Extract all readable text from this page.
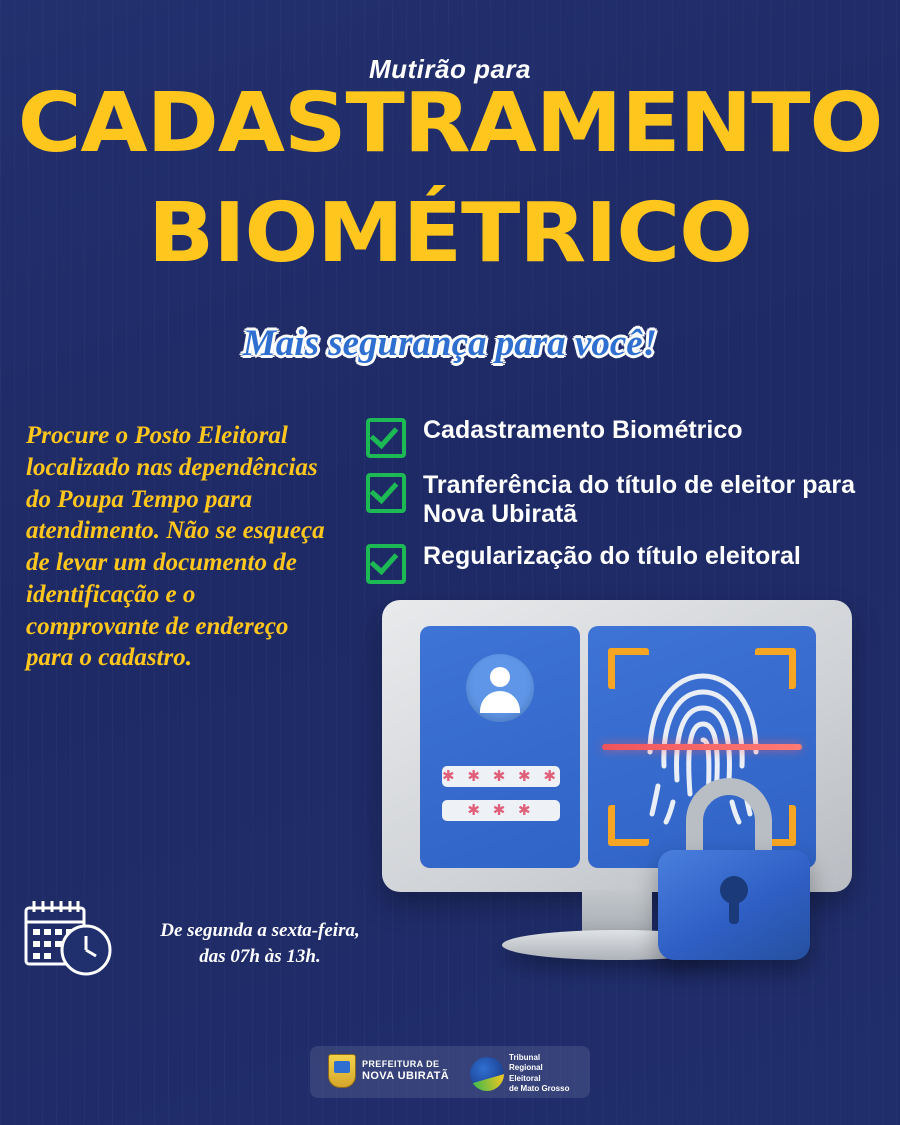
Mutirão para
CADASTRAMENTO
BIOMÉTRICO
Mais segurança para você!
Procure o Posto Eleitoral localizado nas dependências do Poupa Tempo para atendimento. Não se esqueça de levar um documento de identificação e o comprovante de endereço para o cadastro.
Cadastramento Biométrico
Tranferência do título de eleitor para Nova Ubiratã
Regularização do título eleitoral
✱ ✱ ✱ ✱ ✱
✱ ✱ ✱
De segunda a sexta-feira,
das 07h às 13h.
PREFEITURA DE
NOVA UBIRATÃ
Tribunal
Regional
Eleitoral
de Mato Grosso
